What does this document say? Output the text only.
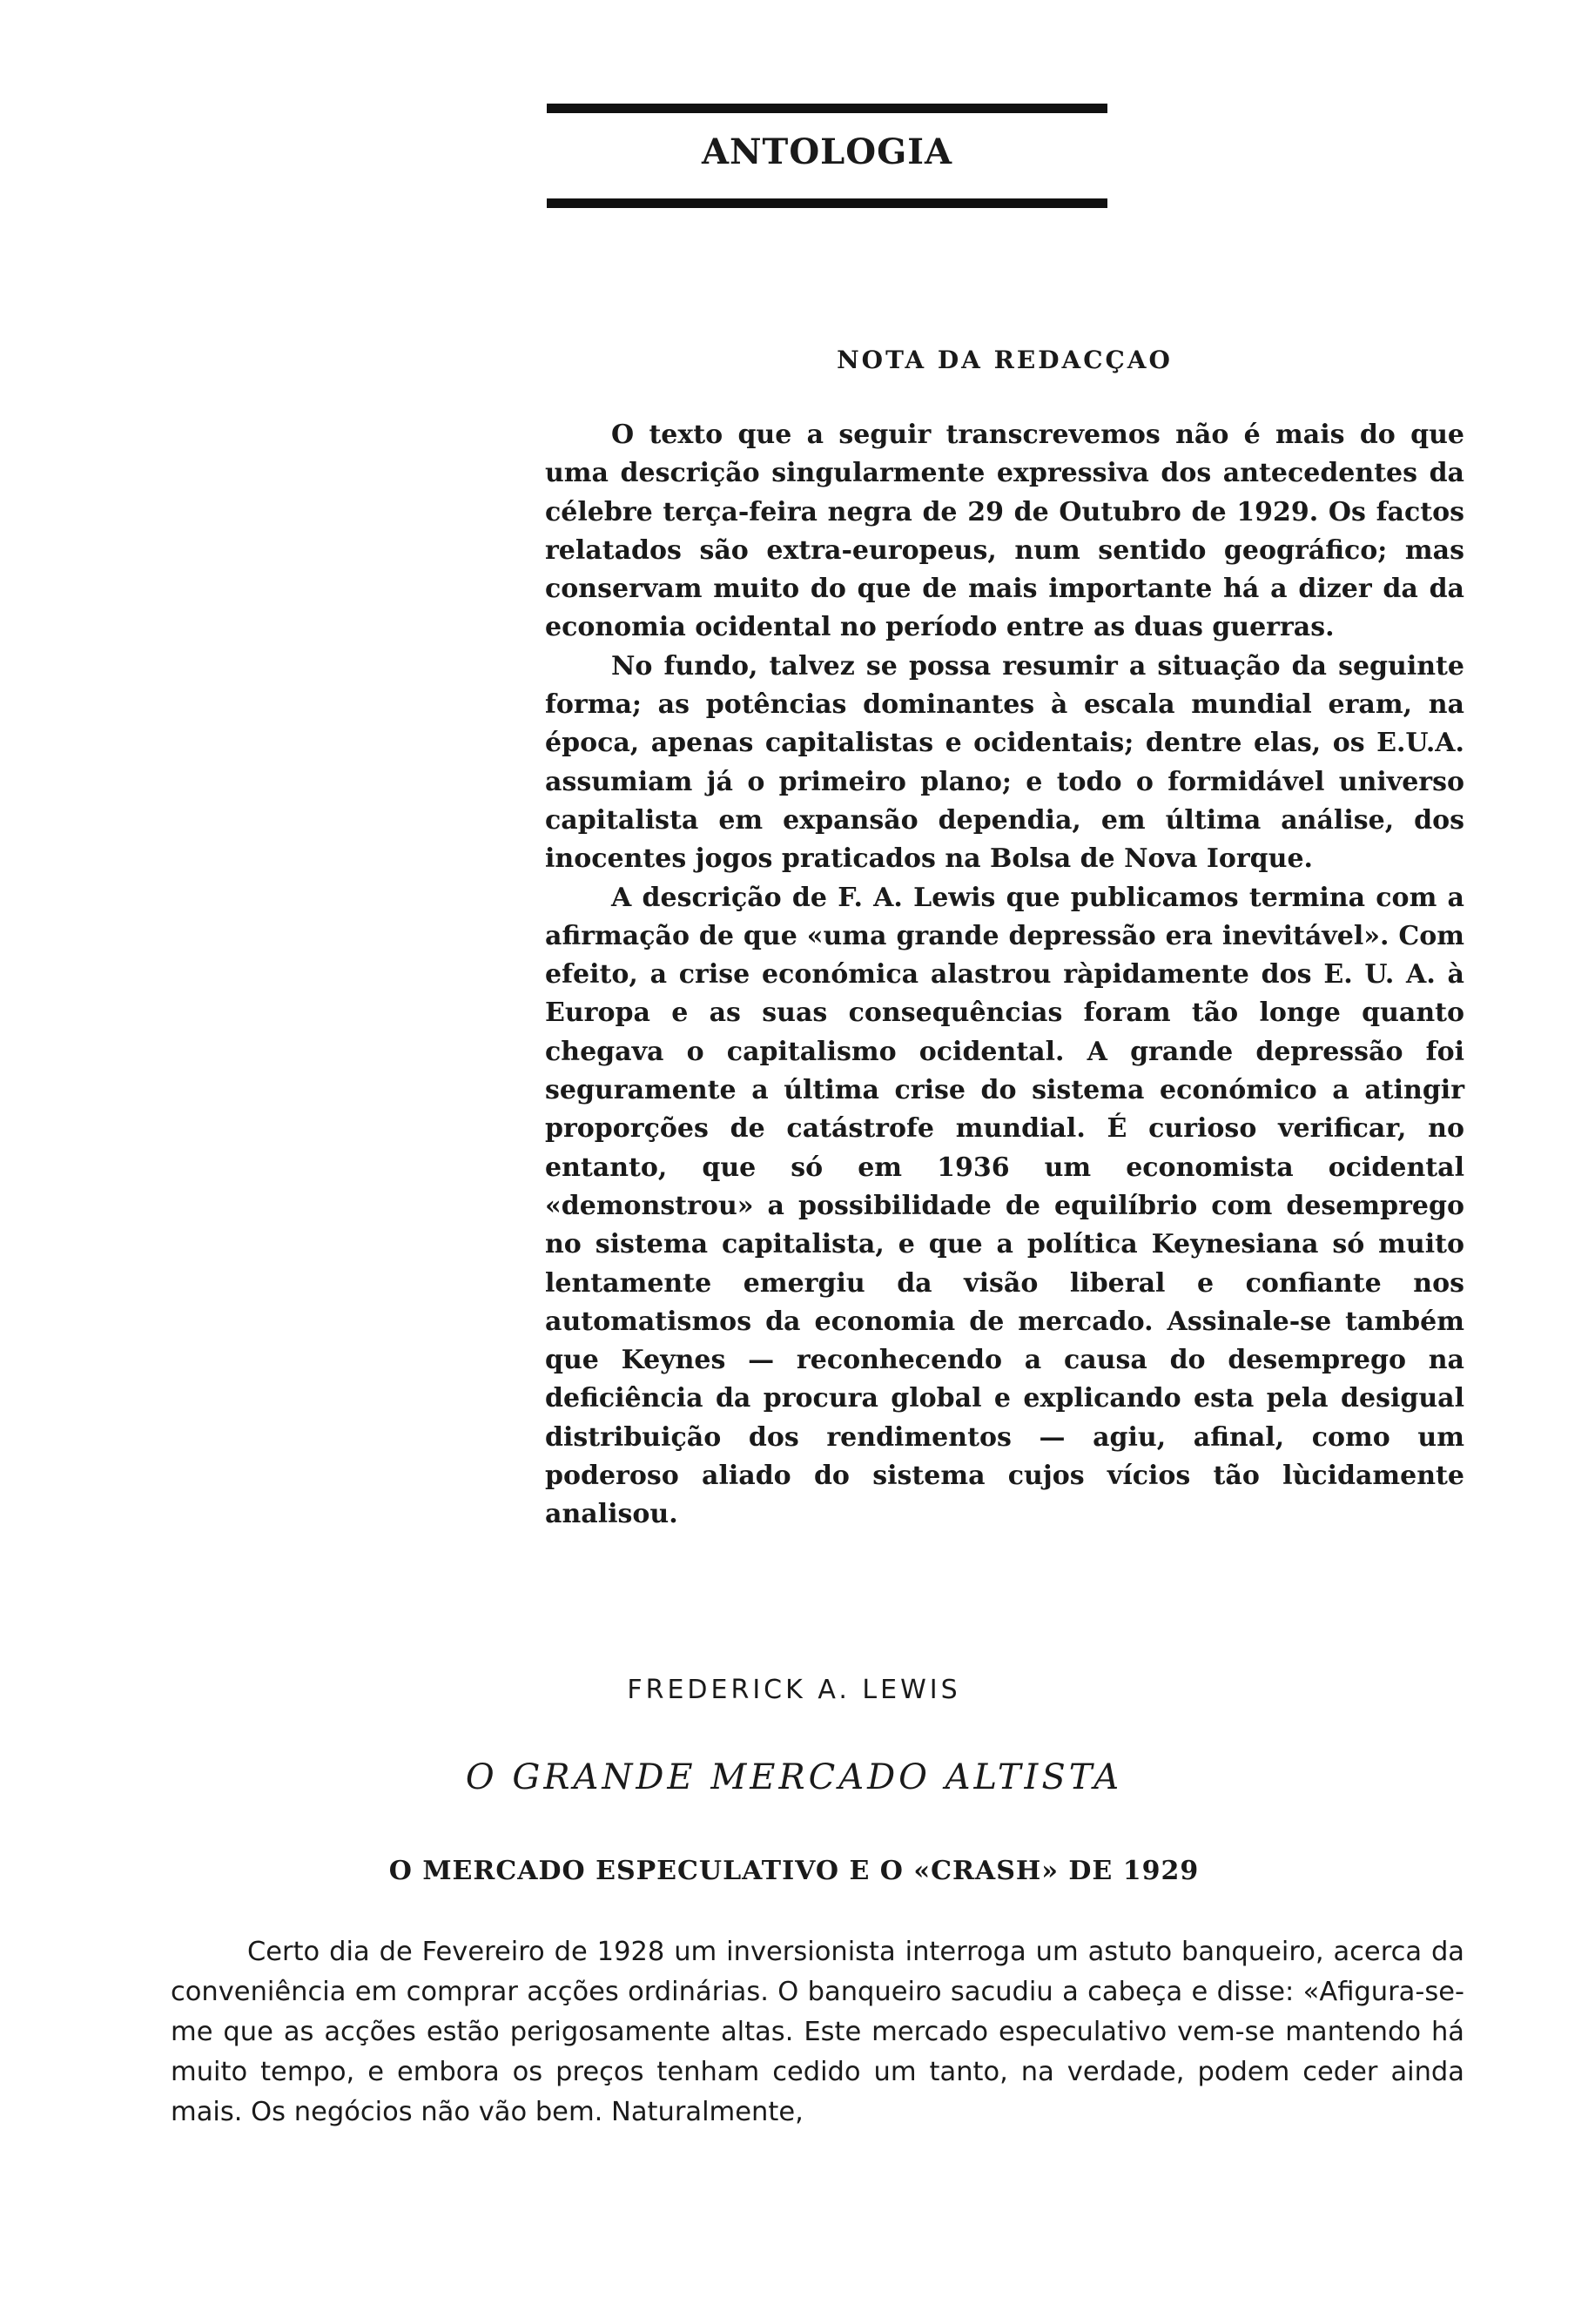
ANTOLOGIA
NOTA DA REDACÇAO

O texto que a seguir transcrevemos não é mais do que uma descrição singularmente expressiva dos antecedentes da célebre terça-feira negra de 29 de Outubro de 1929. Os factos relatados são extra-europeus, num sentido geográfico; mas conservam muito do que de mais importante há a dizer da da economia ocidental no período entre as duas guerras.

No fundo, talvez se possa resumir a situação da seguinte forma; as potências dominantes à escala mundial eram, na época, apenas capitalistas e ocidentais; dentre elas, os E.U.A. assumiam já o primeiro plano; e todo o formidável universo capitalista em expansão dependia, em última análise, dos inocentes jogos praticados na Bolsa de Nova Iorque.

A descrição de F. A. Lewis que publicamos termina com a afirmação de que «uma grande depressão era inevitável». Com efeito, a crise económica alastrou ràpidamente dos E. U. A. à Europa e as suas consequências foram tão longe quanto chegava o capitalismo ocidental. A grande depressão foi seguramente a última crise do sistema económico a atingir proporções de catástrofe mundial. É curioso verificar, no entanto, que só em 1936 um economista ocidental «demonstrou» a possibilidade de equilíbrio com desemprego no sistema capitalista, e que a política Keynesiana só muito lentamente emergiu da visão liberal e confiante nos automatismos da economia de mercado. Assinale-se também que Keynes — reconhecendo a causa do desemprego na deficiência da procura global e explicando esta pela desigual distribuição dos rendimentos — agiu, afinal, como um poderoso aliado do sistema cujos vícios tão lùcidamente analisou.

FREDERICK A. LEWIS
O GRANDE MERCADO ALTISTA
O MERCADO ESPECULATIVO E O «CRASH» DE 1929

Certo dia de Fevereiro de 1928 um inversionista interroga um astuto banqueiro, acerca da conveniência em comprar acções ordinárias. O banqueiro sacudiu a cabeça e disse: «Afigura-se-me que as acções estão perigosamente altas. Este mercado especulativo vem-se mantendo há muito tempo, e embora os preços tenham cedido um tanto, na verdade, podem ceder ainda mais. Os negócios não vão bem. Naturalmente,
